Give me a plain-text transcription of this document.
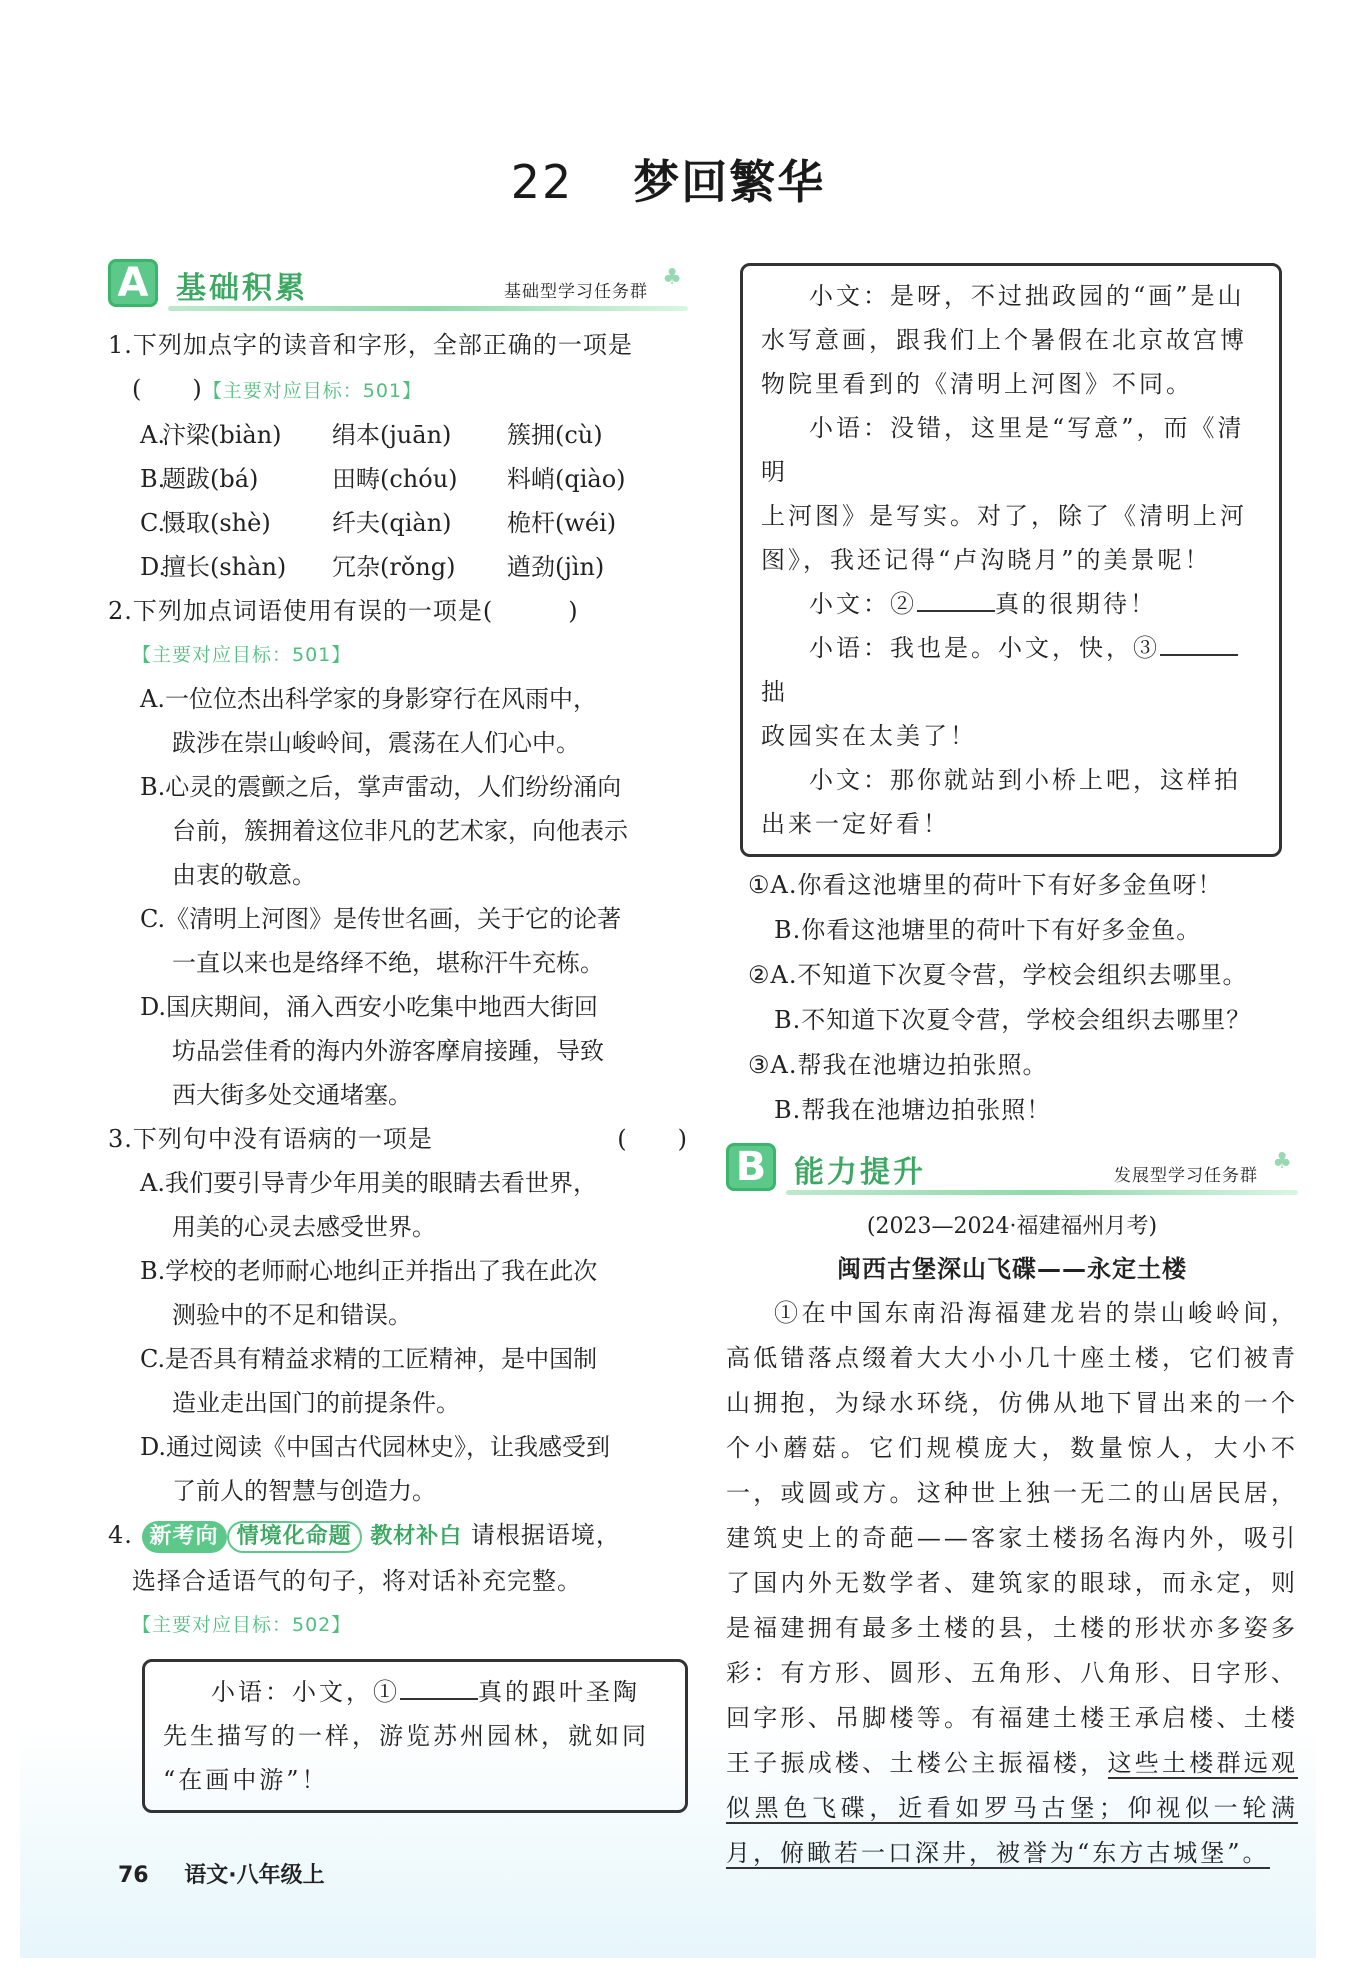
22 梦回繁华
A 基础积累	基础型学习任务群
♣
1.下列加点字的读音和字形，全部正确的一项是
(　　)【主要对应目标：501】
A.
汴梁(biàn)	绢本(juān)	簇拥(cù)
B.
题跋(bá)	田畴(chóu)	料峭(qiào)
C.
慑取(shè)	纤夫(qiàn)	桅杆(wéi)
D.
擅长(shàn)	冗杂(rǒng)	遒劲(jìn)
2.下列加点词语使用有误的一项是(　　　)
【主要对应目标：501】
A.一位位杰出科学家的身影穿行在风雨中，
跋涉在崇山峻岭间，震荡在人们心中。
B.心灵的震颤之后，掌声雷动，人们纷纷涌向
台前，簇拥着这位非凡的艺术家，向他表示
由衷的敬意。
C.《清明上河图》是传世名画，关于它的论著
一直以来也是络绎不绝，堪称汗牛充栋。
D.国庆期间，涌入西安小吃集中地西大街回
坊品尝佳肴的海内外游客摩肩接踵，导致
西大街多处交通堵塞。
3.下列句中没有语病的一项是	(　　)
A.我们要引导青少年用美的眼睛去看世界，
用美的心灵去感受世界。
B.学校的老师耐心地纠正并指出了我在此次
测验中的不足和错误。
C.是否具有精益求精的工匠精神，是中国制
造业走出国门的前提条件。
D.通过阅读《中国古代园林史》，让我感受到
了前人的智慧与创造力。
4. 新考向 情境化命题 教材补白 请根据语境，
选择合适语气的句子，将对话补充完整。
【主要对应目标：502】

小语：小文，①	真的跟叶圣陶

先生描写的一样，游览苏州园林，就如同

“在画中游”！

小文：是呀，不过拙政园的“画”是山

水写意画，跟我们上个暑假在北京故宫博

物院里看到的《清明上河图》不同。

小语：没错，这里是“写意”，而《清明

上河图》是写实。对了，除了《清明上河

图》，我还记得“卢沟晓月”的美景呢！

小文：②	真的很期待！

小语：我也是。小文，快，③拙

政园实在太美了！

小文：那你就站到小桥上吧，这样拍

出来一定好看！

①A.你看这池塘里的荷叶下有好多金鱼呀！
B.你看这池塘里的荷叶下有好多金鱼。
②A.不知道下次夏令营，学校会组织去哪里。
B.不知道下次夏令营，学校会组织去哪里？
③A.帮我在池塘边拍张照。
B.帮我在池塘边拍张照！
B 能力提升	发展型学习任务群
♣
(2023—2024·福建福州月考)
闽西古堡深山飞碟——永定土楼

①在中国东南沿海福建龙岩的崇山峻岭间，高低错落点缀着大大小小几十座土楼，它们被青山拥抱，为绿水环绕，仿佛从地下冒出来的一个个小蘑菇。它们规模庞大，数量惊人，大小不一，或圆或方。这种世上独一无二的山居民居，建筑史上的奇葩——客家土楼扬名海内外，吸引了国内外无数学者、建筑家的眼球，而永定，则是福建拥有最多土楼的县，土楼的形状亦多姿多彩：有方形、圆形、五角形、八角形、日字形、回字形、吊脚楼等。有福建土楼王承启楼、土楼王子振成楼、土楼公主振福楼，这些土楼群远观似黑色飞碟，近看如罗马古堡；仰视似一轮满月，俯瞰若一口深井，被誉为“东方古城堡”。

76 语文·八年级上
